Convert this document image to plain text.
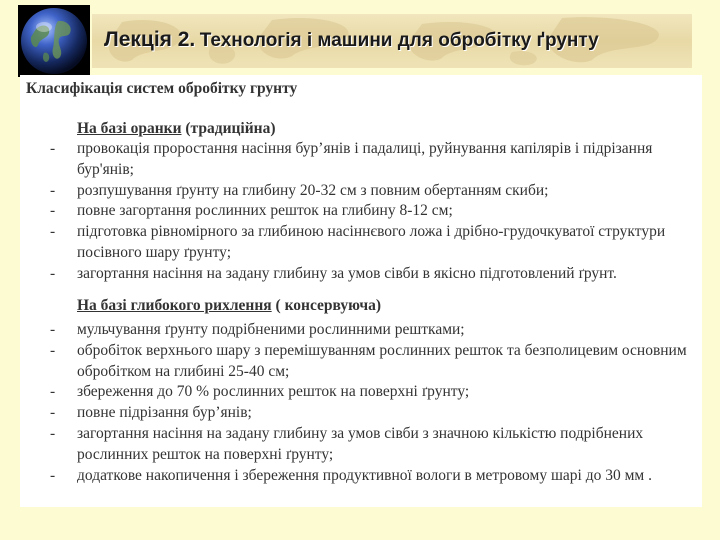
Лекція 2. Технологія і машини для обробітку ґрунту
Класифікація систем обробітку грунту
На базі оранки (традиційна)
- провокація проростання насіння бур’янів і падалиці, руйнування капілярів і підрізання бур'янів;
- розпушування ґрунту на глибину 20-32 см з повним обертанням скиби;
- повне загортання рослинних решток на глибину 8-12 см;
- підготовка рівномірного за глибиною насіннєвого ложа і дрібно-грудочкуватої структури посівного шару ґрунту;
- загортання насіння на задану глибину за умов сівби в якісно підготовлений ґрунт.
На базі глибокого рихлення ( консервуюча)
- мульчування ґрунту подрібненими рослинними рештками;
- обробіток верхнього шару з перемішуванням рослинних решток та безполицевим основним обробітком на глибині 25-40 см;
- збереження до 70 % рослинних решток на поверхні ґрунту;
- повне підрізання бур’янів;
- загортання насіння на задану глибину за умов сівби з значною кількістю подрібнених рослинних решток на поверхні ґрунту;
- додаткове накопичення і збереження продуктивної вологи в метровому шарі до 30 мм .
